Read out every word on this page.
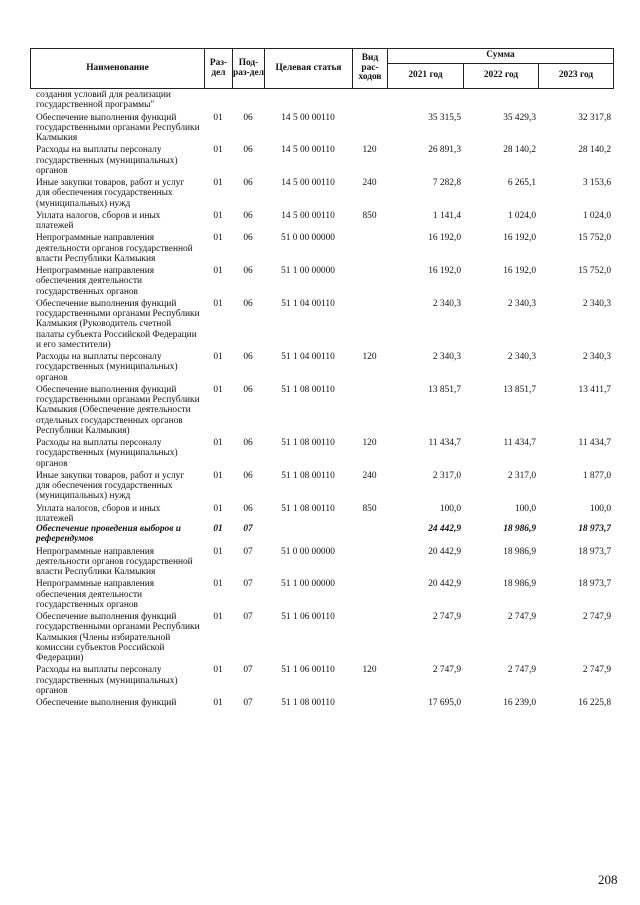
Наименование	Раз-дел	Под-раз-дел	Целевая статья	Вид рас-ходов	Сумма		
					2021 год	2022 год	2023 год
создания условий для реализации государственной программы"							
Обеспечение выполнения функций государственными органами Республики Калмыкия	01	06	14 5 00 00110		35 315,5	35 429,3	32 317,8
Расходы на выплаты персоналу государственных (муниципальных) органов	01	06	14 5 00 00110	120	26 891,3	28 140,2	28 140,2
Иные закупки товаров, работ и услуг для обеспечения государственных (муниципальных) нужд	01	06	14 5 00 00110	240	7 282,8	6 265,1	3 153,6
Уплата налогов, сборов и иных платежей	01	06	14 5 00 00110	850	1 141,4	1 024,0	1 024,0
Непрограммные направления деятельности органов государственной власти Республики Калмыкия	01	06	51 0 00 00000		16 192,0	16 192,0	15 752,0
Непрограммные направления обеспечения деятельности государственных органов	01	06	51 1 00 00000		16 192,0	16 192,0	15 752,0
Обеспечение выполнения функций государственными органами Республики Калмыкия (Руководитель счетной палаты субъекта Российской Федерации и его заместители)	01	06	51 1 04 00110		2 340,3	2 340,3	2 340,3
Расходы на выплаты персоналу государственных (муниципальных) органов	01	06	51 1 04 00110	120	2 340,3	2 340,3	2 340,3
Обеспечение выполнения функций государственными органами Республики Калмыкия (Обеспечение деятельности отдельных государственных органов Республики Калмыкия)	01	06	51 1 08 00110		13 851,7	13 851,7	13 411,7
Расходы на выплаты персоналу государственных (муниципальных) органов	01	06	51 1 08 00110	120	11 434,7	11 434,7	11 434,7
Иные закупки товаров, работ и услуг для обеспечения государственных (муниципальных) нужд	01	06	51 1 08 00110	240	2 317,0	2 317,0	1 877,0
Уплата налогов, сборов и иных платежей	01	06	51 1 08 00110	850	100,0	100,0	100,0
Обеспечение проведения выборов и референдумов	01	07			24 442,9	18 986,9	18 973,7
Непрограммные направления деятельности органов государственной власти Республики Калмыкия	01	07	51 0 00 00000		20 442,9	18 986,9	18 973,7
Непрограммные направления обеспечения деятельности государственных органов	01	07	51 1 00 00000		20 442,9	18 986,9	18 973,7
Обеспечение выполнения функций государственными органами Республики Калмыкия (Члены избирательной комиссии субъектов Российской Федерации)	01	07	51 1 06 00110		2 747,9	2 747,9	2 747,9
Расходы на выплаты персоналу государственных (муниципальных) органов	01	07	51 1 06 00110	120	2 747,9	2 747,9	2 747,9
Обеспечение выполнения функций	01	07	51 1 08 00110		17 695,0	16 239,0	16 225,8
208
